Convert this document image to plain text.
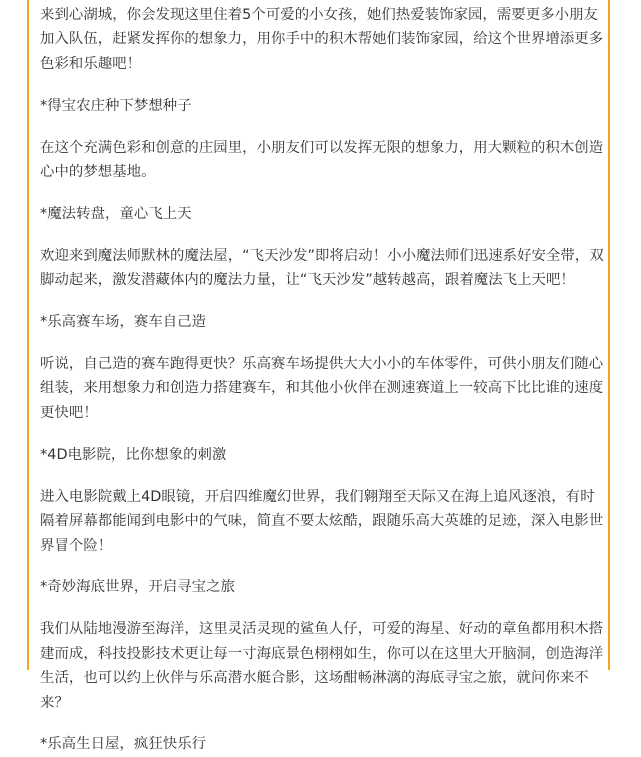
来到心湖城，你会发现这里住着5个可爱的小女孩，她们热爱装饰家园，需要更多小朋友加入队伍，赶紧发挥你的想象力，用你手中的积木帮她们装饰家园，给这个世界增添更多色彩和乐趣吧！

*得宝农庄种下梦想种子

在这个充满色彩和创意的庄园里，小朋友们可以发挥无限的想象力，用大颗粒的积木创造心中的梦想基地。

*魔法转盘，童心飞上天

欢迎来到魔法师默林的魔法屋，“飞天沙发”即将启动！小小魔法师们迅速系好安全带，双脚动起来，激发潜藏体内的魔法力量，让“飞天沙发”越转越高，跟着魔法飞上天吧！

*乐高赛车场，赛车自己造

听说，自己造的赛车跑得更快？乐高赛车场提供大大小小的车体零件，可供小朋友们随心组装，来用想象力和创造力搭建赛车，和其他小伙伴在测速赛道上一较高下比比谁的速度更快吧！

*4D电影院，比你想象的刺激

进入电影院戴上4D眼镜，开启四维魔幻世界，我们翱翔至天际又在海上追风逐浪，有时隔着屏幕都能闻到电影中的气味，简直不要太炫酷，跟随乐高大英雄的足迹，深入电影世界冒个险！

*奇妙海底世界，开启寻宝之旅

我们从陆地漫游至海洋，这里灵活灵现的鲨鱼人仔，可爱的海星、好动的章鱼都用积木搭建而成，科技投影技术更让每一寸海底景色栩栩如生，你可以在这里大开脑洞，创造海洋生活，也可以约上伙伴与乐高潜水艇合影，这场酣畅淋漓的海底寻宝之旅，就问你来不来？

*乐高生日屋，疯狂快乐行
